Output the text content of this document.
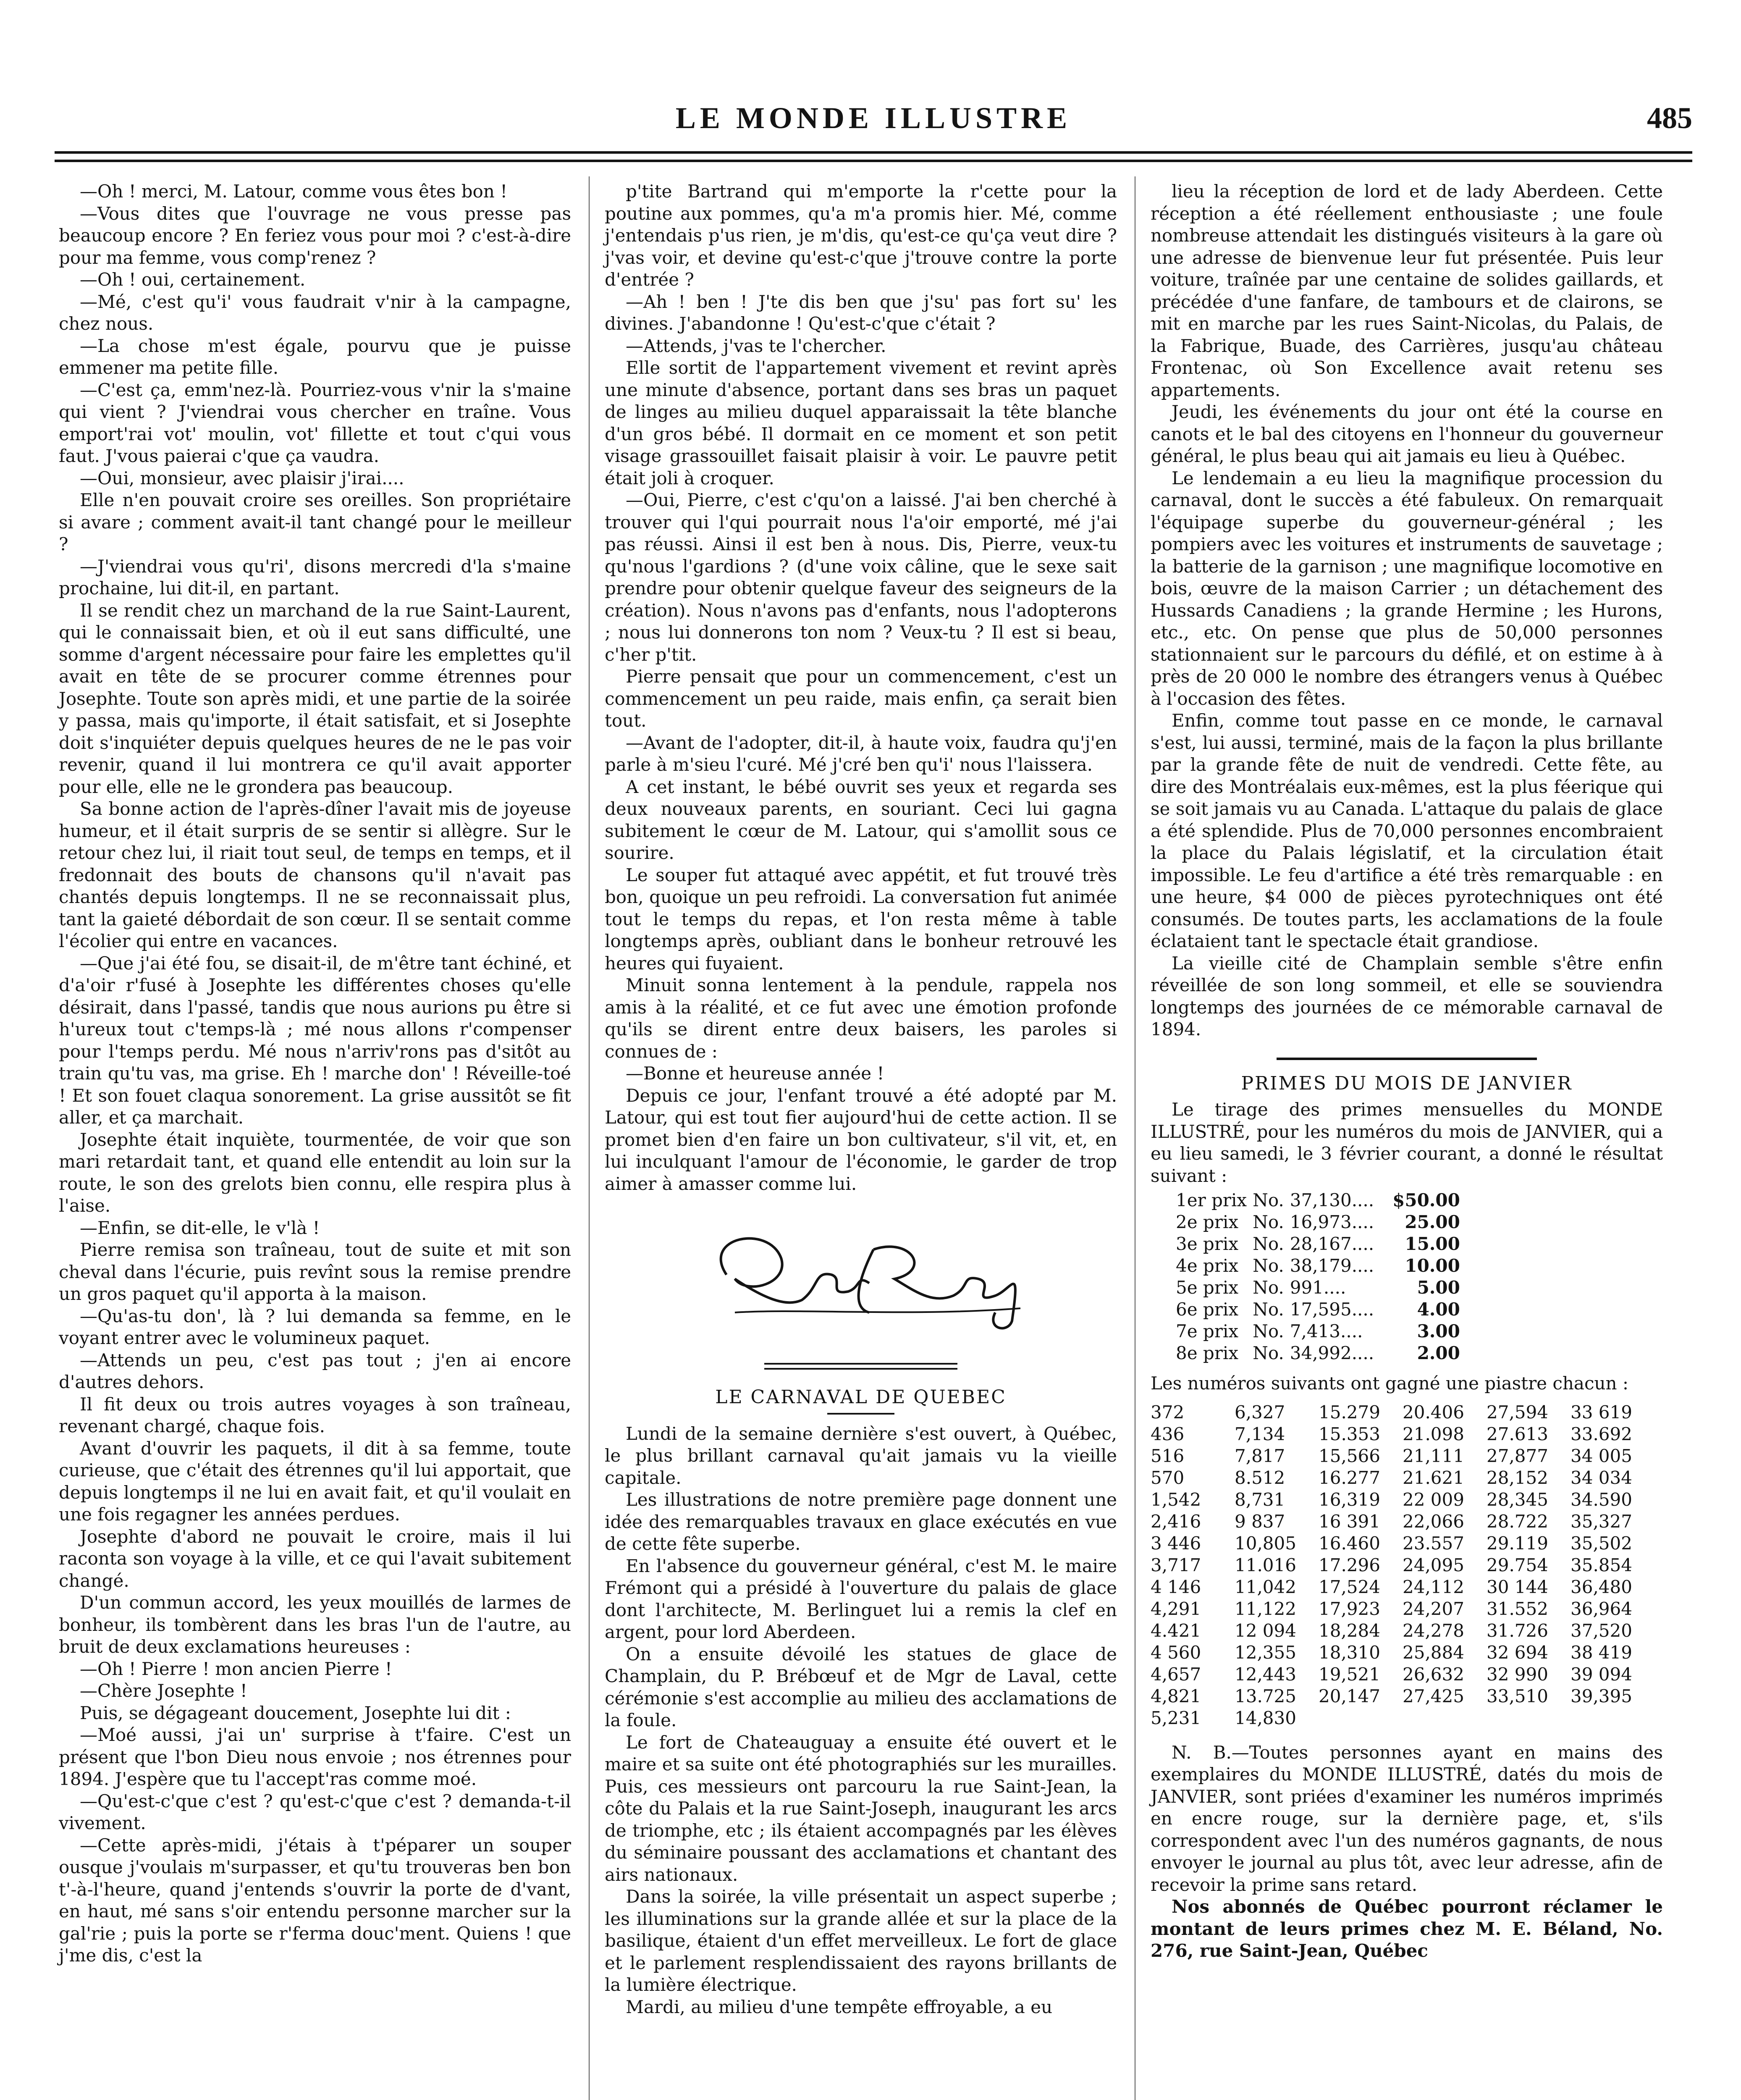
LE MONDE ILLUSTRE	485

—Oh ! merci, M. Latour, comme vous êtes bon !

—Vous dites que l'ouvrage ne vous presse pas beaucoup encore ? En feriez vous pour moi ? c'est-à-dire pour ma femme, vous comp'renez ?

—Oh ! oui, certainement.

—Mé, c'est qu'i' vous faudrait v'nir à la campagne, chez nous.

—La chose m'est égale, pourvu que je puisse emmener ma petite fille.

—C'est ça, emm'nez-là. Pourriez-vous v'nir la s'maine qui vient ? J'viendrai vous chercher en traîne. Vous emport'rai vot' moulin, vot' fillette et tout c'qui vous faut. J'vous paierai c'que ça vaudra.

—Oui, monsieur, avec plaisir j'irai....

Elle n'en pouvait croire ses oreilles. Son propriétaire si avare ; comment avait-il tant changé pour le meilleur ?

—J'viendrai vous qu'ri', disons mercredi d'la s'maine prochaine, lui dit-il, en partant.

Il se rendit chez un marchand de la rue Saint-Laurent, qui le connaissait bien, et où il eut sans difficulté, une somme d'argent nécessaire pour faire les emplettes qu'il avait en tête de se procurer comme étrennes pour Josephte. Toute son après midi, et une partie de la soirée y passa, mais qu'importe, il était satisfait, et si Josephte doit s'inquiéter depuis quelques heures de ne le pas voir revenir, quand il lui montrera ce qu'il avait apporter pour elle, elle ne le grondera pas beaucoup.

Sa bonne action de l'après-dîner l'avait mis de joyeuse humeur, et il était surpris de se sentir si allègre. Sur le retour chez lui, il riait tout seul, de temps en temps, et il fredonnait des bouts de chansons qu'il n'avait pas chantés depuis longtemps. Il ne se reconnaissait plus, tant la gaieté débordait de son cœur. Il se sentait comme l'écolier qui entre en vacances.

—Que j'ai été fou, se disait-il, de m'être tant échiné, et d'a'oir r'fusé à Josephte les différentes choses qu'elle désirait, dans l'passé, tandis que nous aurions pu être si h'ureux tout c'temps-là ; mé nous allons r'compenser pour l'temps perdu. Mé nous n'arriv'rons pas d'sitôt au train qu'tu vas, ma grise. Eh ! marche don' ! Réveille-toé ! Et son fouet claqua sonorement. La grise aussitôt se fit aller, et ça marchait.

Josephte était inquiète, tourmentée, de voir que son mari retardait tant, et quand elle entendit au loin sur la route, le son des grelots bien connu, elle respira plus à l'aise.

—Enfin, se dit-elle, le v'là !

Pierre remisa son traîneau, tout de suite et mit son cheval dans l'écurie, puis revînt sous la remise prendre un gros paquet qu'il apporta à la maison.

—Qu'as-tu don', là ? lui demanda sa femme, en le voyant entrer avec le volumineux paquet.

—Attends un peu, c'est pas tout ; j'en ai encore d'autres dehors.

Il fit deux ou trois autres voyages à son traîneau, revenant chargé, chaque fois.

Avant d'ouvrir les paquets, il dit à sa femme, toute curieuse, que c'était des étrennes qu'il lui apportait, que depuis longtemps il ne lui en avait fait, et qu'il voulait en une fois regagner les années perdues.

Josephte d'abord ne pouvait le croire, mais il lui raconta son voyage à la ville, et ce qui l'avait subitement changé.

D'un commun accord, les yeux mouillés de larmes de bonheur, ils tombèrent dans les bras l'un de l'autre, au bruit de deux exclamations heureuses :

—Oh ! Pierre ! mon ancien Pierre !

—Chère Josephte !

Puis, se dégageant doucement, Josephte lui dit :

—Moé aussi, j'ai un' surprise à t'faire. C'est un présent que l'bon Dieu nous envoie ; nos étrennes pour 1894. J'espère que tu l'accept'ras comme moé.

—Qu'est-c'que c'est ? qu'est-c'que c'est ? demanda-t-il vivement.

—Cette après-midi, j'étais à t'péparer un souper ousque j'voulais m'surpasser, et qu'tu trouveras ben bon t'-à-l'heure, quand j'entends s'ouvrir la porte de d'vant, en haut, mé sans s'oir entendu personne marcher sur la gal'rie ; puis la porte se r'ferma douc'ment. Quiens ! que j'me dis, c'est la

p'tite Bartrand qui m'emporte la r'cette pour la poutine aux pommes, qu'a m'a promis hier. Mé, comme j'entendais p'us rien, je m'dis, qu'est-ce qu'ça veut dire ? j'vas voir, et devine qu'est-c'que j'trouve contre la porte d'entrée ?

—Ah ! ben ! J'te dis ben que j'su' pas fort su' les divines. J'abandonne ! Qu'est-c'que c'était ?

—Attends, j'vas te l'chercher.

Elle sortit de l'appartement vivement et revint après une minute d'absence, portant dans ses bras un paquet de linges au milieu duquel apparaissait la tête blanche d'un gros bébé. Il dormait en ce moment et son petit visage grassouillet faisait plaisir à voir. Le pauvre petit était joli à croquer.

—Oui, Pierre, c'est c'qu'on a laissé. J'ai ben cherché à trouver qui l'qui pourrait nous l'a'oir emporté, mé j'ai pas réussi. Ainsi il est ben à nous. Dis, Pierre, veux-tu qu'nous l'gardions ? (d'une voix câline, que le sexe sait prendre pour obtenir quelque faveur des seigneurs de la création). Nous n'avons pas d'enfants, nous l'adopterons ; nous lui donnerons ton nom ? Veux-tu ? Il est si beau, c'her p'tit.

Pierre pensait que pour un commencement, c'est un commencement un peu raide, mais enfin, ça serait bien tout.

—Avant de l'adopter, dit-il, à haute voix, faudra qu'j'en parle à m'sieu l'curé. Mé j'cré ben qu'i' nous l'laissera.

A cet instant, le bébé ouvrit ses yeux et regarda ses deux nouveaux parents, en souriant. Ceci lui gagna subitement le cœur de M. Latour, qui s'amollit sous ce sourire.

Le souper fut attaqué avec appétit, et fut trouvé très bon, quoique un peu refroidi. La conversation fut animée tout le temps du repas, et l'on resta même à table longtemps après, oubliant dans le bonheur retrouvé les heures qui fuyaient.

Minuit sonna lentement à la pendule, rappela nos amis à la réalité, et ce fut avec une émotion profonde qu'ils se dirent entre deux baisers, les paroles si connues de :

—Bonne et heureuse année !

Depuis ce jour, l'enfant trouvé a été adopté par M. Latour, qui est tout fier aujourd'hui de cette action. Il se promet bien d'en faire un bon cultivateur, s'il vit, et, en lui inculquant l'amour de l'économie, le garder de trop aimer à amasser comme lui.

LE CARNAVAL DE QUEBEC

Lundi de la semaine dernière s'est ouvert, à Québec, le plus brillant carnaval qu'ait jamais vu la vieille capitale.

Les illustrations de notre première page donnent une idée des remarquables travaux en glace exécutés en vue de cette fête superbe.

En l'absence du gouverneur général, c'est M. le maire Frémont qui a présidé à l'ouverture du palais de glace dont l'architecte, M. Berlinguet lui a remis la clef en argent, pour lord Aberdeen.

On a ensuite dévoilé les statues de glace de Champlain, du P. Brébœuf et de Mgr de Laval, cette cérémonie s'est accomplie au milieu des acclamations de la foule.

Le fort de Chateauguay a ensuite été ouvert et le maire et sa suite ont été photographiés sur les murailles. Puis, ces messieurs ont parcouru la rue Saint-Jean, la côte du Palais et la rue Saint-Joseph, inaugurant les arcs de triomphe, etc ; ils étaient accompagnés par les élèves du séminaire poussant des acclamations et chantant des airs nationaux.

Dans la soirée, la ville présentait un aspect superbe ; les illuminations sur la grande allée et sur la place de la basilique, étaient d'un effet merveilleux. Le fort de glace et le parlement resplendissaient des rayons brillants de la lumière électrique.

Mardi, au milieu d'une tempête effroyable, a eu

lieu la réception de lord et de lady Aberdeen. Cette réception a été réellement enthousiaste ; une foule nombreuse attendait les distingués visiteurs à la gare où une adresse de bienvenue leur fut présentée. Puis leur voiture, traînée par une centaine de solides gaillards, et précédée d'une fanfare, de tambours et de clairons, se mit en marche par les rues Saint-Nicolas, du Palais, de la Fabrique, Buade, des Carrières, jusqu'au château Frontenac, où Son Excellence avait retenu ses appartements.

Jeudi, les événements du jour ont été la course en canots et le bal des citoyens en l'honneur du gouverneur général, le plus beau qui ait jamais eu lieu à Québec.

Le lendemain a eu lieu la magnifique procession du carnaval, dont le succès a été fabuleux. On remarquait l'équipage superbe du gouverneur-général ; les pompiers avec les voitures et instruments de sauvetage ; la batterie de la garnison ; une magnifique locomotive en bois, œuvre de la maison Carrier ; un détachement des Hussards Canadiens ; la grande Hermine ; les Hurons, etc., etc. On pense que plus de 50,000 personnes stationnaient sur le parcours du défilé, et on estime à à près de 20 000 le nombre des étrangers venus à Québec à l'occasion des fêtes.

Enfin, comme tout passe en ce monde, le carnaval s'est, lui aussi, terminé, mais de la façon la plus brillante par la grande fête de nuit de vendredi. Cette fête, au dire des Montréalais eux-mêmes, est la plus féerique qui se soit jamais vu au Canada. L'attaque du palais de glace a été splendide. Plus de 70,000 personnes encombraient la place du Palais législatif, et la circulation était impossible. Le feu d'artifice a été très remarquable : en une heure, $4 000 de pièces pyrotechniques ont été consumés. De toutes parts, les acclamations de la foule éclataient tant le spectacle était grandiose.

La vieille cité de Champlain semble s'être enfin réveillée de son long sommeil, et elle se souviendra longtemps des journées de ce mémorable carnaval de 1894.

PRIMES DU MOIS DE JANVIER

Le tirage des primes mensuelles du MONDE ILLUSTRÉ, pour les numéros du mois de JANVIER, qui a eu lieu samedi, le 3 février courant, a donné le résultat suivant :

1er prix	No.	37,130....	$50.00
2e prix	No.	16,973....	25.00
3e prix	No.	28,167....	15.00
4e prix	No.	38,179....	10.00
5e prix	No.	991....	5.00
6e prix	No.	17,595....	4.00
7e prix	No.	7,413....	3.00
8e prix	No.	34,992....	2.00

Les numéros suivants ont gagné une piastre chacun :

372	6,327	15.279	20.406	27,594	33 619
436	7,134	15.353	21.098	27.613	33.692
516	7,817	15,566	21,111	27,877	34 005
570	8.512	16.277	21.621	28,152	34 034
1,542	8,731	16,319	22 009	28,345	34.590
2,416	9 837	16 391	22,066	28.722	35,327
3 446	10,805	16.460	23.557	29.119	35,502
3,717	11.016	17.296	24,095	29.754	35.854
4 146	11,042	17,524	24,112	30 144	36,480
4,291	11,122	17,923	24,207	31.552	36,964
4.421	12 094	18,284	24,278	31.726	37,520
4 560	12,355	18,310	25,884	32 694	38 419
4,657	12,443	19,521	26,632	32 990	39 094
4,821	13.725	20,147	27,425	33,510	39,395
5,231	14,830				

N. B.—Toutes personnes ayant en mains des exemplaires du MONDE ILLUSTRÉ, datés du mois de JANVIER, sont priées d'examiner les numéros imprimés en encre rouge, sur la dernière page, et, s'ils correspondent avec l'un des numéros gagnants, de nous envoyer le journal au plus tôt, avec leur adresse, afin de recevoir la prime sans retard.

Nos abonnés de Québec pourront réclamer le montant de leurs primes chez M. E. Béland, No. 276, rue Saint-Jean, Québec
